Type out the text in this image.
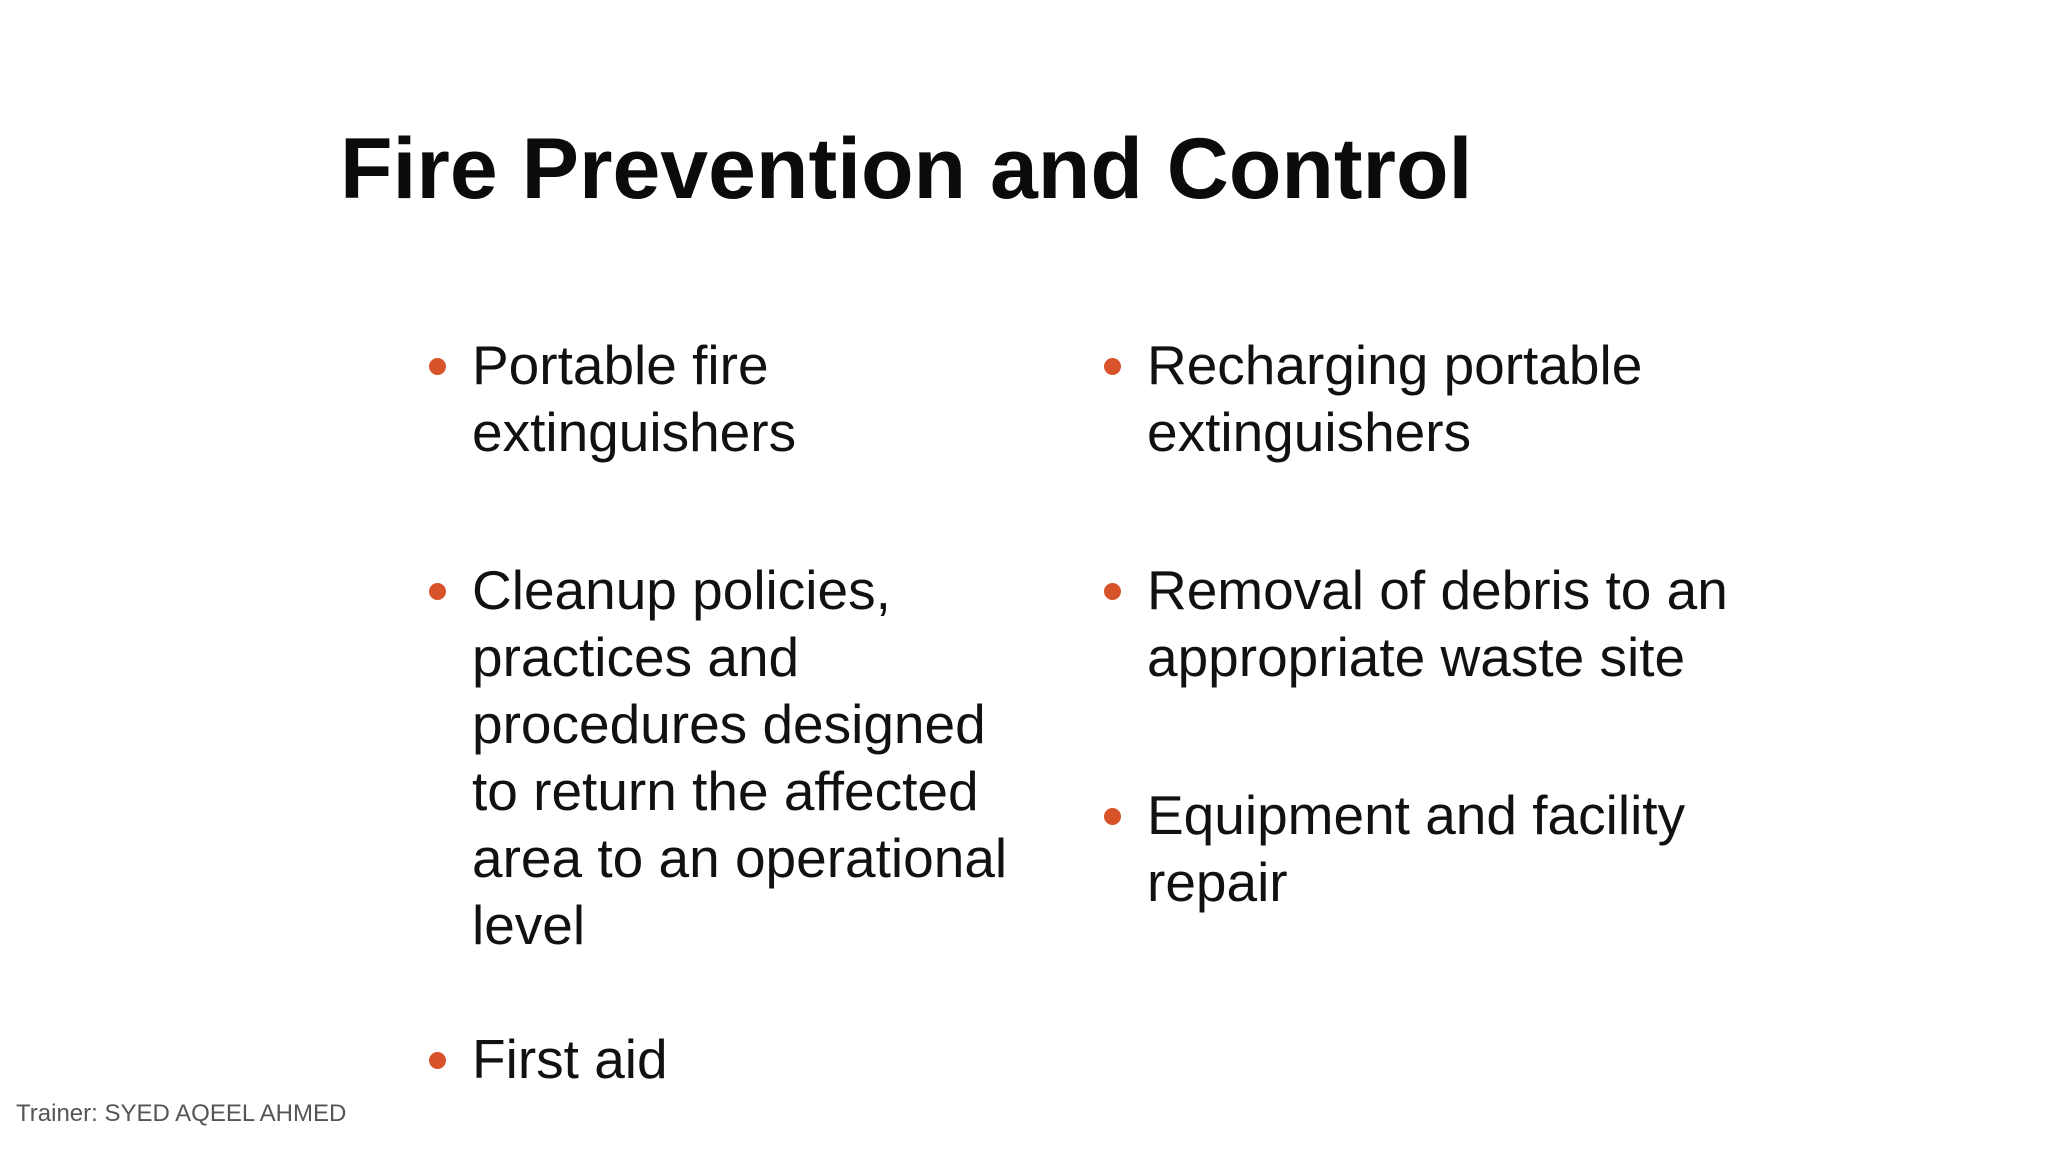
Fire Prevention and Control
Portable fire extinguishers
Cleanup policies, practices and procedures designed to return the affected area to an operational level
First aid
Recharging portable extinguishers
Removal of debris to an appropriate waste site
Equipment and facility repair
Trainer: SYED AQEEL AHMED
